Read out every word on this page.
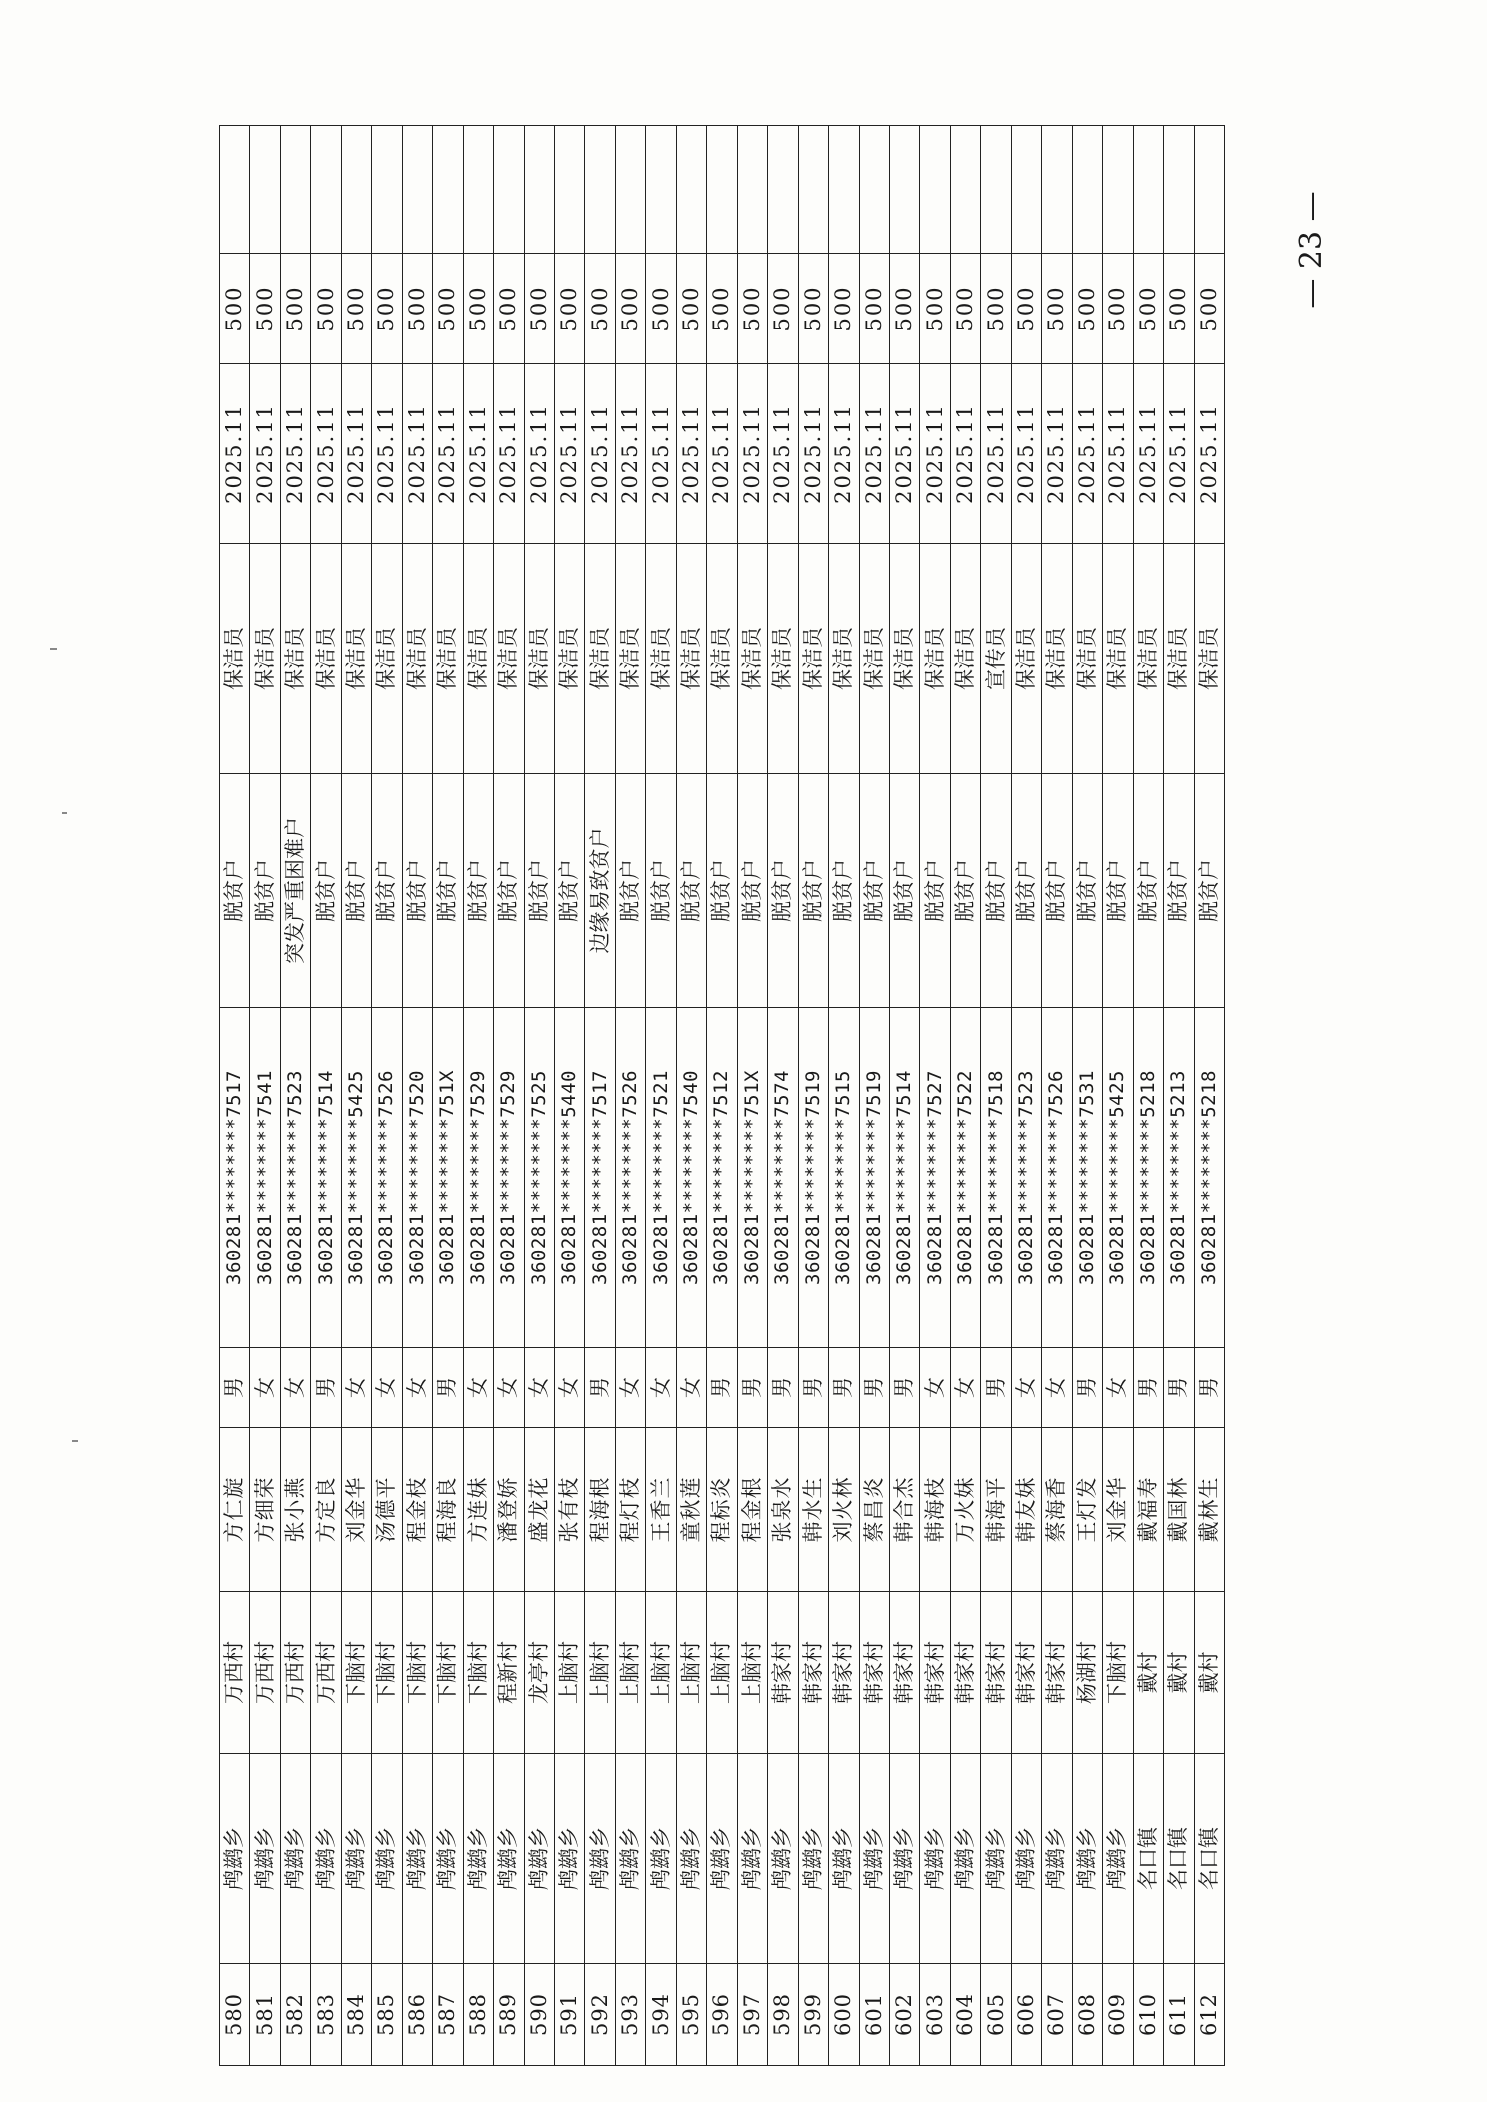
580	鸬鹚乡	万西村	方仁旋	男	360281********7517	脱贫户	保洁员	2025.11	500	
581	鸬鹚乡	万西村	方细荣	女	360281********7541	脱贫户	保洁员	2025.11	500	
582	鸬鹚乡	万西村	张小燕	女	360281********7523	突发严重困难户	保洁员	2025.11	500	
583	鸬鹚乡	万西村	方定良	男	360281********7514	脱贫户	保洁员	2025.11	500	
584	鸬鹚乡	下脑村	刘金华	女	360281********5425	脱贫户	保洁员	2025.11	500	
585	鸬鹚乡	下脑村	汤德平	女	360281********7526	脱贫户	保洁员	2025.11	500	
586	鸬鹚乡	下脑村	程金枝	女	360281********7520	脱贫户	保洁员	2025.11	500	
587	鸬鹚乡	下脑村	程海良	男	360281********751X	脱贫户	保洁员	2025.11	500	
588	鸬鹚乡	下脑村	方连妹	女	360281********7529	脱贫户	保洁员	2025.11	500	
589	鸬鹚乡	程新村	潘登娇	女	360281********7529	脱贫户	保洁员	2025.11	500	
590	鸬鹚乡	龙亭村	盛龙花	女	360281********7525	脱贫户	保洁员	2025.11	500	
591	鸬鹚乡	上脑村	张有枝	女	360281********5440	脱贫户	保洁员	2025.11	500	
592	鸬鹚乡	上脑村	程海根	男	360281********7517	边缘易致贫户	保洁员	2025.11	500	
593	鸬鹚乡	上脑村	程灯枝	女	360281********7526	脱贫户	保洁员	2025.11	500	
594	鸬鹚乡	上脑村	王香兰	女	360281********7521	脱贫户	保洁员	2025.11	500	
595	鸬鹚乡	上脑村	童秋莲	女	360281********7540	脱贫户	保洁员	2025.11	500	
596	鸬鹚乡	上脑村	程标炎	男	360281********7512	脱贫户	保洁员	2025.11	500	
597	鸬鹚乡	上脑村	程金根	男	360281********751X	脱贫户	保洁员	2025.11	500	
598	鸬鹚乡	韩家村	张泉水	男	360281********7574	脱贫户	保洁员	2025.11	500	
599	鸬鹚乡	韩家村	韩水生	男	360281********7519	脱贫户	保洁员	2025.11	500	
600	鸬鹚乡	韩家村	刘火林	男	360281********7515	脱贫户	保洁员	2025.11	500	
601	鸬鹚乡	韩家村	蔡昌炎	男	360281********7519	脱贫户	保洁员	2025.11	500	
602	鸬鹚乡	韩家村	韩合杰	男	360281********7514	脱贫户	保洁员	2025.11	500	
603	鸬鹚乡	韩家村	韩海枝	女	360281********7527	脱贫户	保洁员	2025.11	500	
604	鸬鹚乡	韩家村	万火妹	女	360281********7522	脱贫户	保洁员	2025.11	500	
605	鸬鹚乡	韩家村	韩海平	男	360281********7518	脱贫户	宣传员	2025.11	500	
606	鸬鹚乡	韩家村	韩友妹	女	360281********7523	脱贫户	保洁员	2025.11	500	
607	鸬鹚乡	韩家村	蔡海香	女	360281********7526	脱贫户	保洁员	2025.11	500	
608	鸬鹚乡	杨湖村	王灯发	男	360281********7531	脱贫户	保洁员	2025.11	500	
609	鸬鹚乡	下脑村	刘金华	女	360281********5425	脱贫户	保洁员	2025.11	500	
610	名口镇	戴村	戴福寿	男	360281********5218	脱贫户	保洁员	2025.11	500	
611	名口镇	戴村	戴国林	男	360281********5213	脱贫户	保洁员	2025.11	500	
612	名口镇	戴村	戴林生	男	360281********5218	脱贫户	保洁员	2025.11	500		— 23 —
